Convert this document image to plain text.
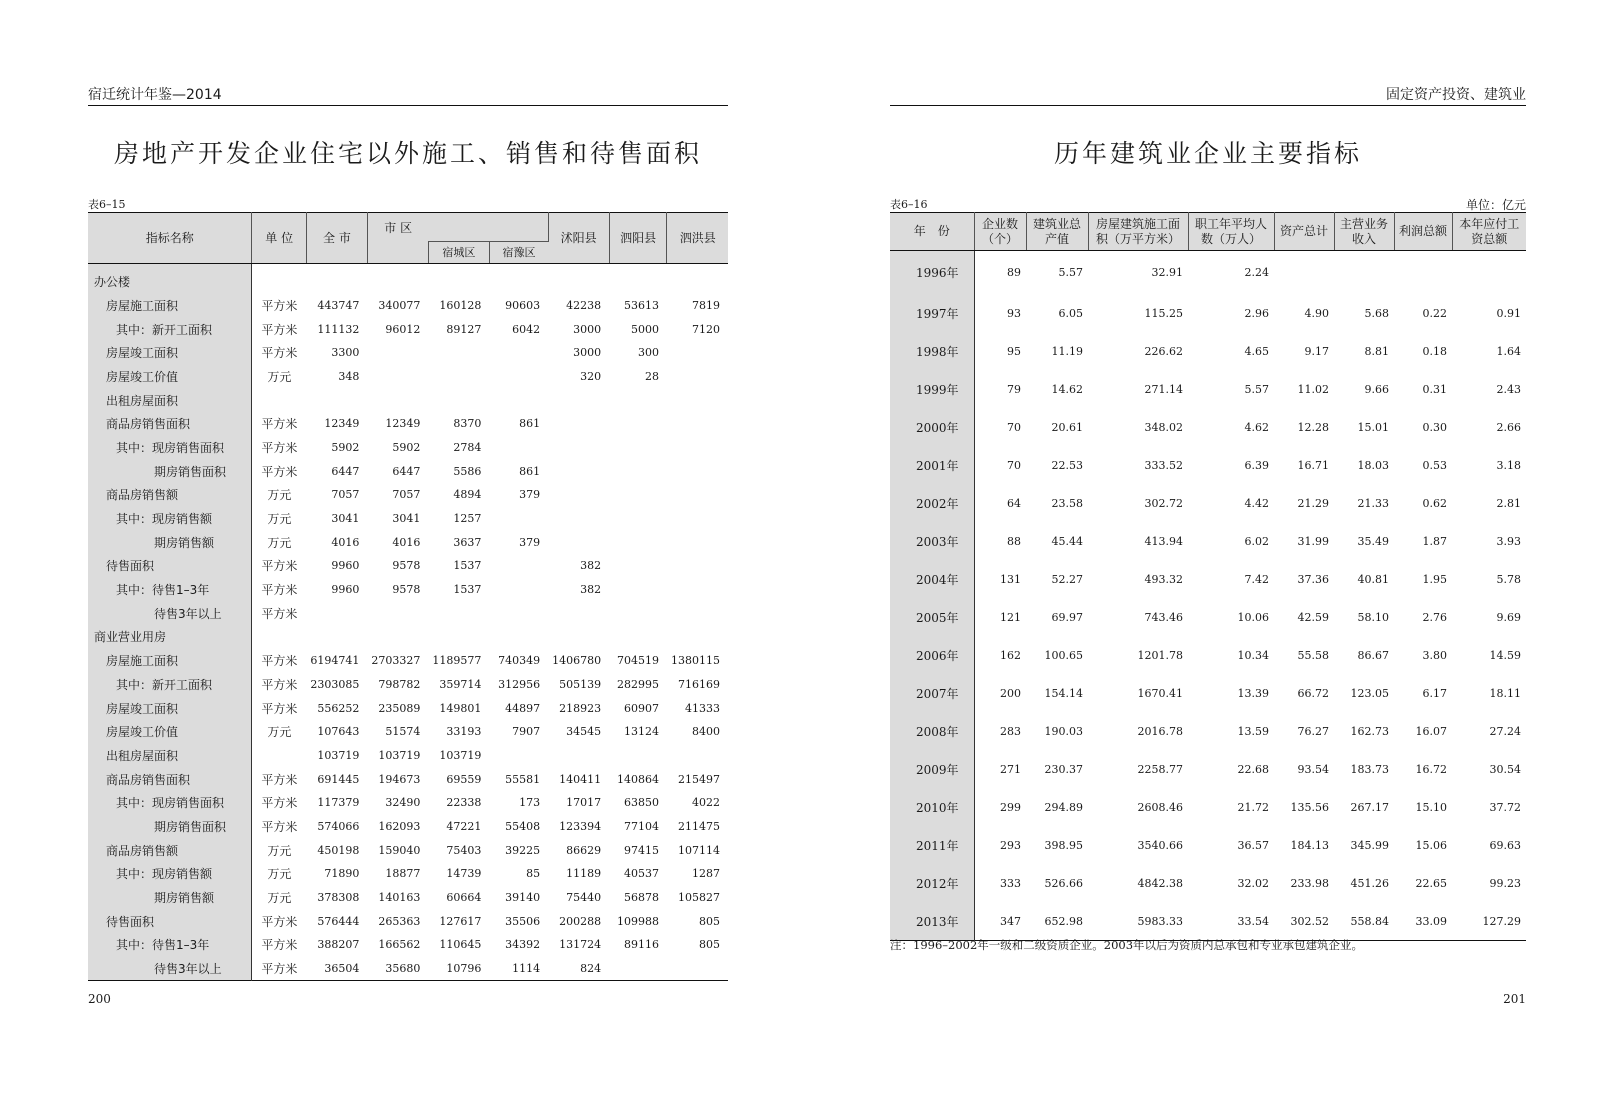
宿迁统计年鉴—2014
房地产开发企业住宅以外施工、销售和待售面积
表6–15
指标名称	单 位	全 市	市 区			沭阳县	泗阳县	泗洪县
				宿城区	宿豫区			
办公楼								
房屋施工面积	平方米	443747	340077	160128	90603	42238	53613	7819
其中：新开工面积	平方米	111132	96012	89127	6042	3000	5000	7120
房屋竣工面积	平方米	3300				3000	300	
房屋竣工价值	万元	348				320	28	
出租房屋面积								
商品房销售面积	平方米	12349	12349	8370	861			
其中：现房销售面积	平方米	5902	5902	2784				
期房销售面积	平方米	6447	6447	5586	861			
商品房销售额	万元	7057	7057	4894	379			
其中：现房销售额	万元	3041	3041	1257				
期房销售额	万元	4016	4016	3637	379			
待售面积	平方米	9960	9578	1537		382		
其中：待售1–3年	平方米	9960	9578	1537		382		
待售3年以上	平方米							
商业营业用房								
房屋施工面积	平方米	6194741	2703327	1189577	740349	1406780	704519	1380115
其中：新开工面积	平方米	2303085	798782	359714	312956	505139	282995	716169
房屋竣工面积	平方米	556252	235089	149801	44897	218923	60907	41333
房屋竣工价值	万元	107643	51574	33193	7907	34545	13124	8400
出租房屋面积		103719	103719	103719				
商品房销售面积	平方米	691445	194673	69559	55581	140411	140864	215497
其中：现房销售面积	平方米	117379	32490	22338	173	17017	63850	4022
期房销售面积	平方米	574066	162093	47221	55408	123394	77104	211475
商品房销售额	万元	450198	159040	75403	39225	86629	97415	107114
其中：现房销售额	万元	71890	18877	14739	85	11189	40537	1287
期房销售额	万元	378308	140163	60664	39140	75440	56878	105827
待售面积	平方米	576444	265363	127617	35506	200288	109988	805
其中：待售1–3年	平方米	388207	166562	110645	34392	131724	89116	805
待售3年以上	平方米	36504	35680	10796	1114	824		
200
固定资产投资、建筑业
历年建筑业企业主要指标
表6–16	单位：亿元
年　份	企业数（个）	建筑业总产值	房屋建筑施工面积（万平方米）	职工年平均人数（万人）	资产总计	主营业务收入	利润总额	本年应付工资总额
1996年	89	5.57	32.91	2.24				
1997年	93	6.05	115.25	2.96	4.90	5.68	0.22	0.91
1998年	95	11.19	226.62	4.65	9.17	8.81	0.18	1.64
1999年	79	14.62	271.14	5.57	11.02	9.66	0.31	2.43
2000年	70	20.61	348.02	4.62	12.28	15.01	0.30	2.66
2001年	70	22.53	333.52	6.39	16.71	18.03	0.53	3.18
2002年	64	23.58	302.72	4.42	21.29	21.33	0.62	2.81
2003年	88	45.44	413.94	6.02	31.99	35.49	1.87	3.93
2004年	131	52.27	493.32	7.42	37.36	40.81	1.95	5.78
2005年	121	69.97	743.46	10.06	42.59	58.10	2.76	9.69
2006年	162	100.65	1201.78	10.34	55.58	86.67	3.80	14.59
2007年	200	154.14	1670.41	13.39	66.72	123.05	6.17	18.11
2008年	283	190.03	2016.78	13.59	76.27	162.73	16.07	27.24
2009年	271	230.37	2258.77	22.68	93.54	183.73	16.72	30.54
2010年	299	294.89	2608.46	21.72	135.56	267.17	15.10	37.72
2011年	293	398.95	3540.66	36.57	184.13	345.99	15.06	69.63
2012年	333	526.66	4842.38	32.02	233.98	451.26	22.65	99.23
2013年	347	652.98	5983.33	33.54	302.52	558.84	33.09	127.29
注：1996–2002年一级和二级资质企业。2003年以后为资质内总承包和专业承包建筑企业。
201
